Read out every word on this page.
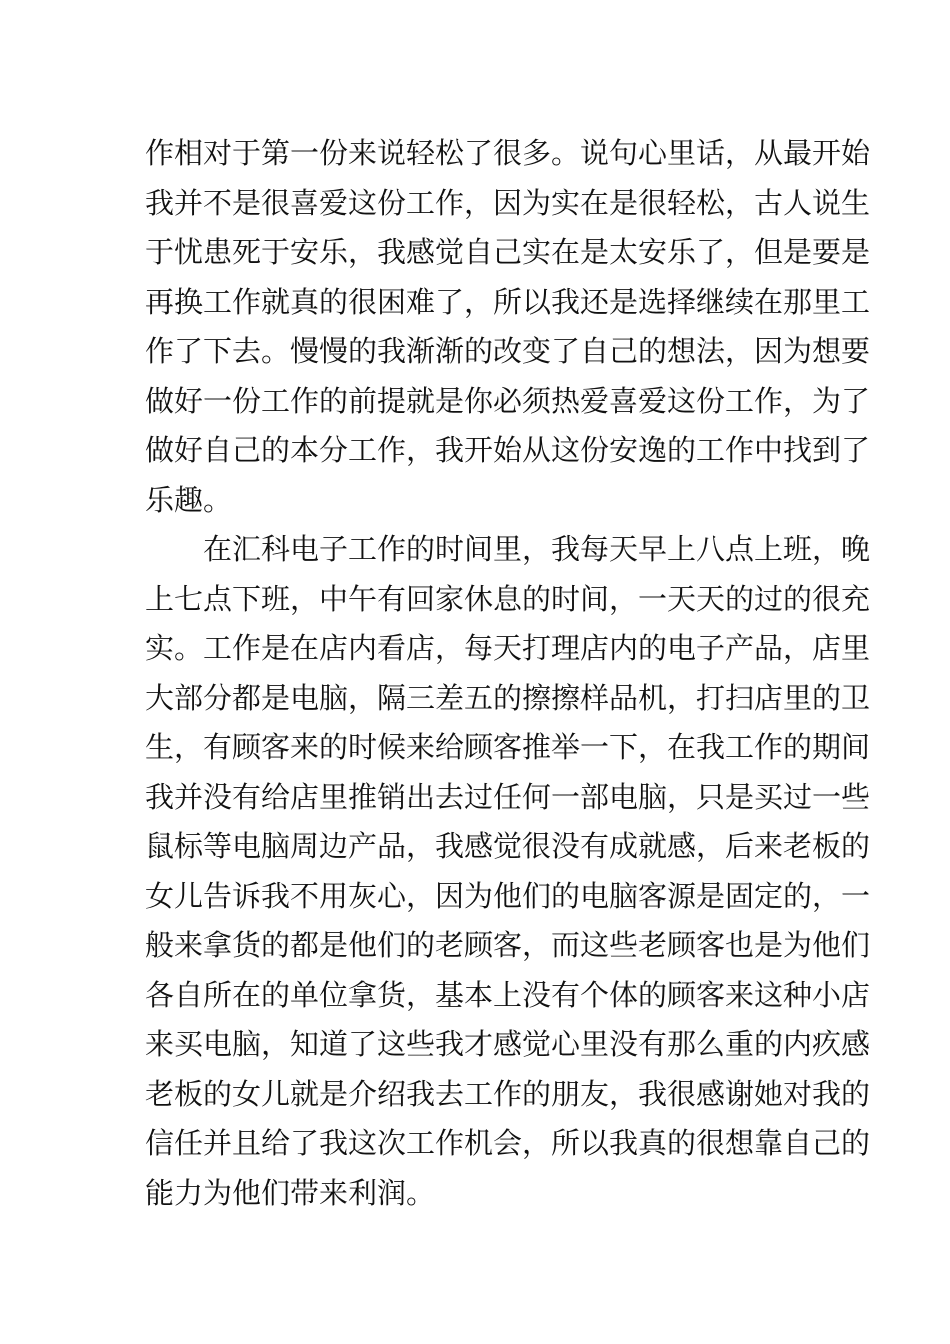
作相对于第一份来说轻松了很多。说句心里话，从最开始
我并不是很喜爱这份工作，因为实在是很轻松，古人说生
于忧患死于安乐，我感觉自己实在是太安乐了，但是要是
再换工作就真的很困难了，所以我还是选择继续在那里工
作了下去。慢慢的我渐渐的改变了自己的想法，因为想要
做好一份工作的前提就是你必须热爱喜爱这份工作，为了
做好自己的本分工作，我开始从这份安逸的工作中找到了
乐趣。
　　在汇科电子工作的时间里，我每天早上八点上班，晚
上七点下班，中午有回家休息的时间，一天天的过的很充
实。工作是在店内看店，每天打理店内的电子产品，店里
大部分都是电脑，隔三差五的擦擦样品机，打扫店里的卫
生，有顾客来的时候来给顾客推举一下，在我工作的期间
我并没有给店里推销出去过任何一部电脑，只是买过一些
鼠标等电脑周边产品，我感觉很没有成就感，后来老板的
女儿告诉我不用灰心，因为他们的电脑客源是固定的，一
般来拿货的都是他们的老顾客，而这些老顾客也是为他们
各自所在的单位拿货，基本上没有个体的顾客来这种小店
来买电脑，知道了这些我才感觉心里没有那么重的内疚感
老板的女儿就是介绍我去工作的朋友，我很感谢她对我的
信任并且给了我这次工作机会，所以我真的很想靠自己的
能力为他们带来利润。
